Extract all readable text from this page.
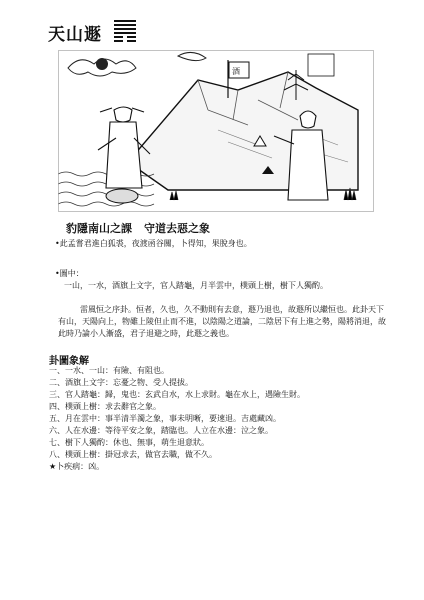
天山遯
酒
豹隱南山之課 守道去惡之象
•此孟嘗君進白狐裘，夜渡函谷關，卜得知，果脫身也。
•圖中：
一山，一水，酒旗上文字，官人踏龜，月半雲中，樸頭上樹，樹下人獨酌。
雷風恒之序卦。恒者，久也，久不動則有去意，遯乃退也，故遯所以繼恒也。此卦天下有山，天陽向上，物雖上陵但止而不進，以陰陽之道論，二陰居下有上進之勢，陽將消退，故此時乃論小人漸盛，君子退避之時，此遯之義也。
卦圖象解
一、一水、一山：有險、有阻也。
二、酒旗上文字：忘憂之物、受人提拔。
三、官人踏龜：歸，鬼也：玄武自水，水上求財。龜在水上，遇險生財。
四、樸頭上樹：求去辭官之象。
五、月在雲中：事半清半濁之象，事未明晰，要速退。吉處藏凶。
六、人在水邊：等待平安之象，踏臨也。人立在水邊：泣之象。
七、樹下人獨酌：休也、無事，萌生退意狀。
八、樸頭上樹：掛冠求去，做官去職，做不久。
★卜疾病：凶。
